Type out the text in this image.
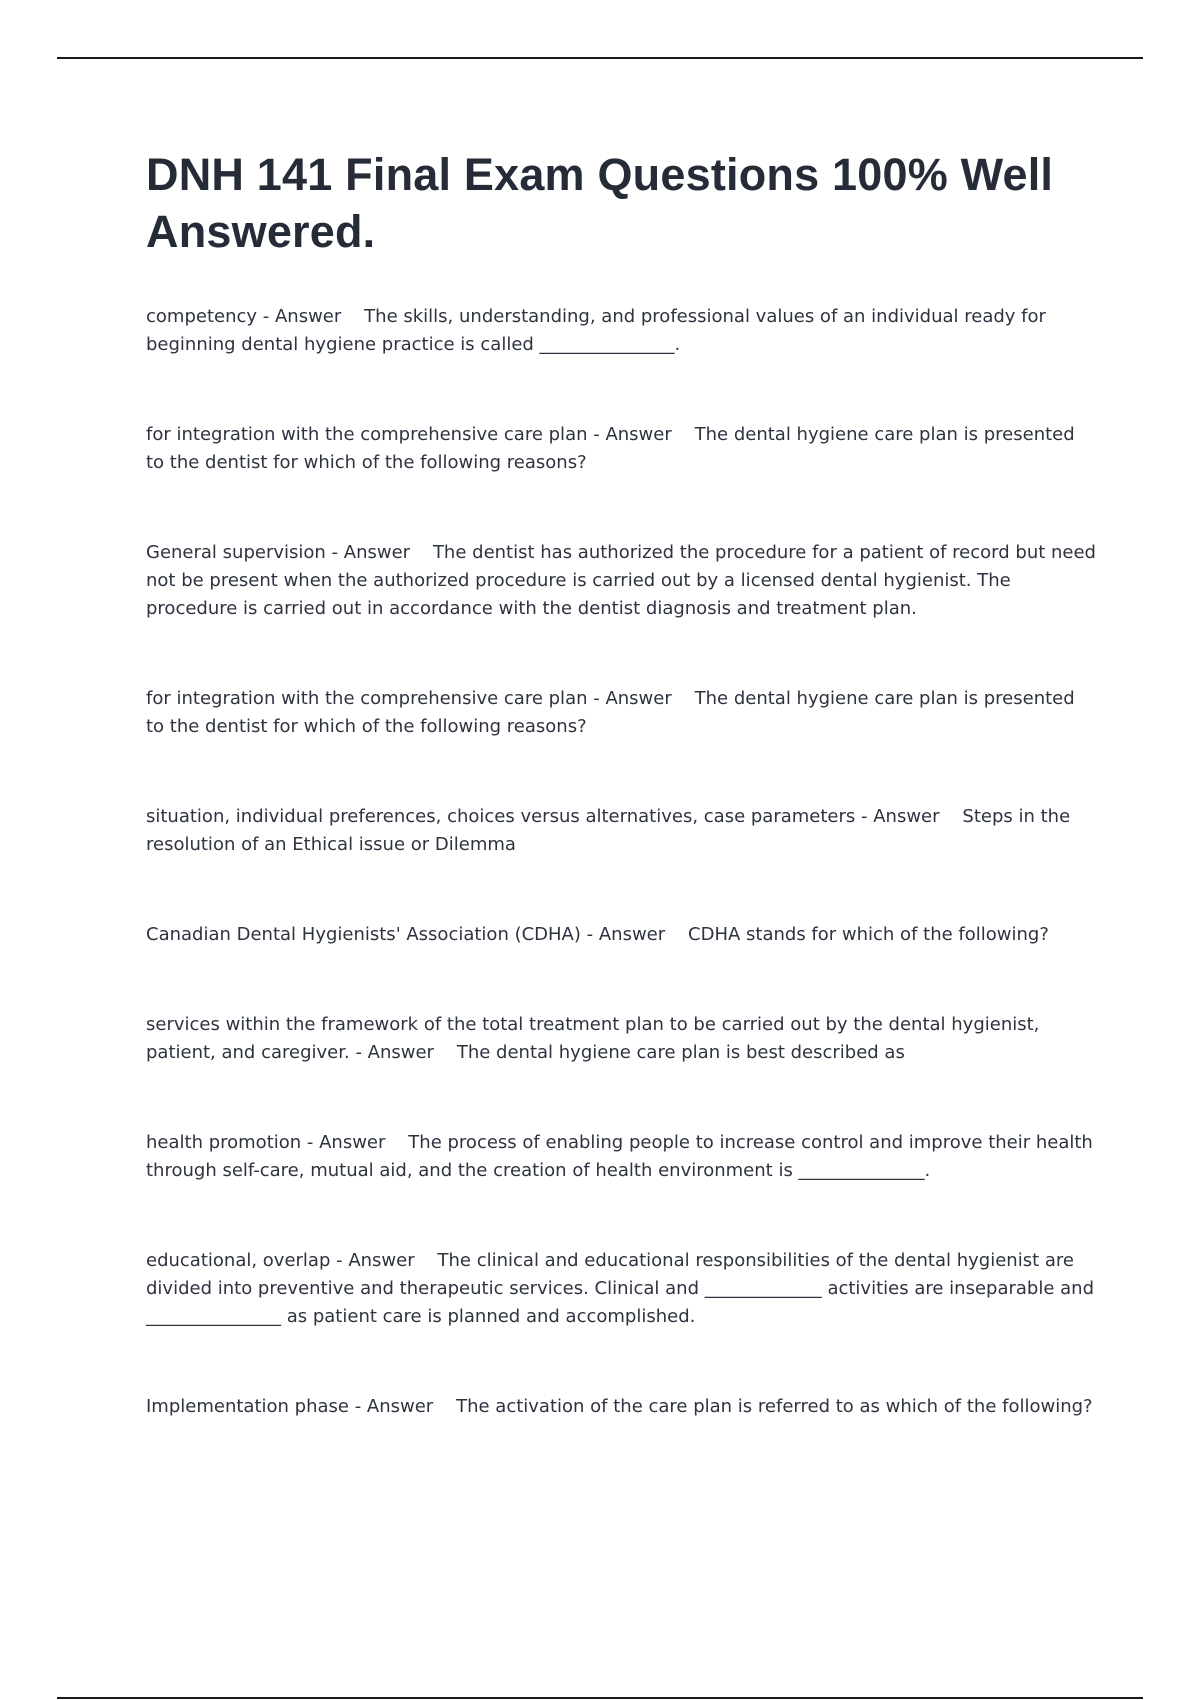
DNH 141 Final Exam Questions 100% Well Answered.
competency - Answer    The skills, understanding, and professional values of an individual ready for beginning dental hygiene practice is called _______________.
for integration with the comprehensive care plan - Answer    The dental hygiene care plan is presented to the dentist for which of the following reasons?
General supervision - Answer    The dentist has authorized the procedure for a patient of record but need not be present when the authorized procedure is carried out by a licensed dental hygienist. The procedure is carried out in accordance with the dentist diagnosis and treatment plan.
for integration with the comprehensive care plan - Answer    The dental hygiene care plan is presented to the dentist for which of the following reasons?
situation, individual preferences, choices versus alternatives, case parameters - Answer    Steps in the resolution of an Ethical issue or Dilemma
Canadian Dental Hygienists' Association (CDHA) - Answer    CDHA stands for which of the following?
services within the framework of the total treatment plan to be carried out by the dental hygienist, patient, and caregiver. - Answer    The dental hygiene care plan is best described as
health promotion - Answer    The process of enabling people to increase control and improve their health through self-care, mutual aid, and the creation of health environment is ______________.
educational, overlap - Answer    The clinical and educational responsibilities of the dental hygienist are divided into preventive and therapeutic services. Clinical and _____________ activities are inseparable and _______________ as patient care is planned and accomplished.
Implementation phase - Answer    The activation of the care plan is referred to as which of the following?
